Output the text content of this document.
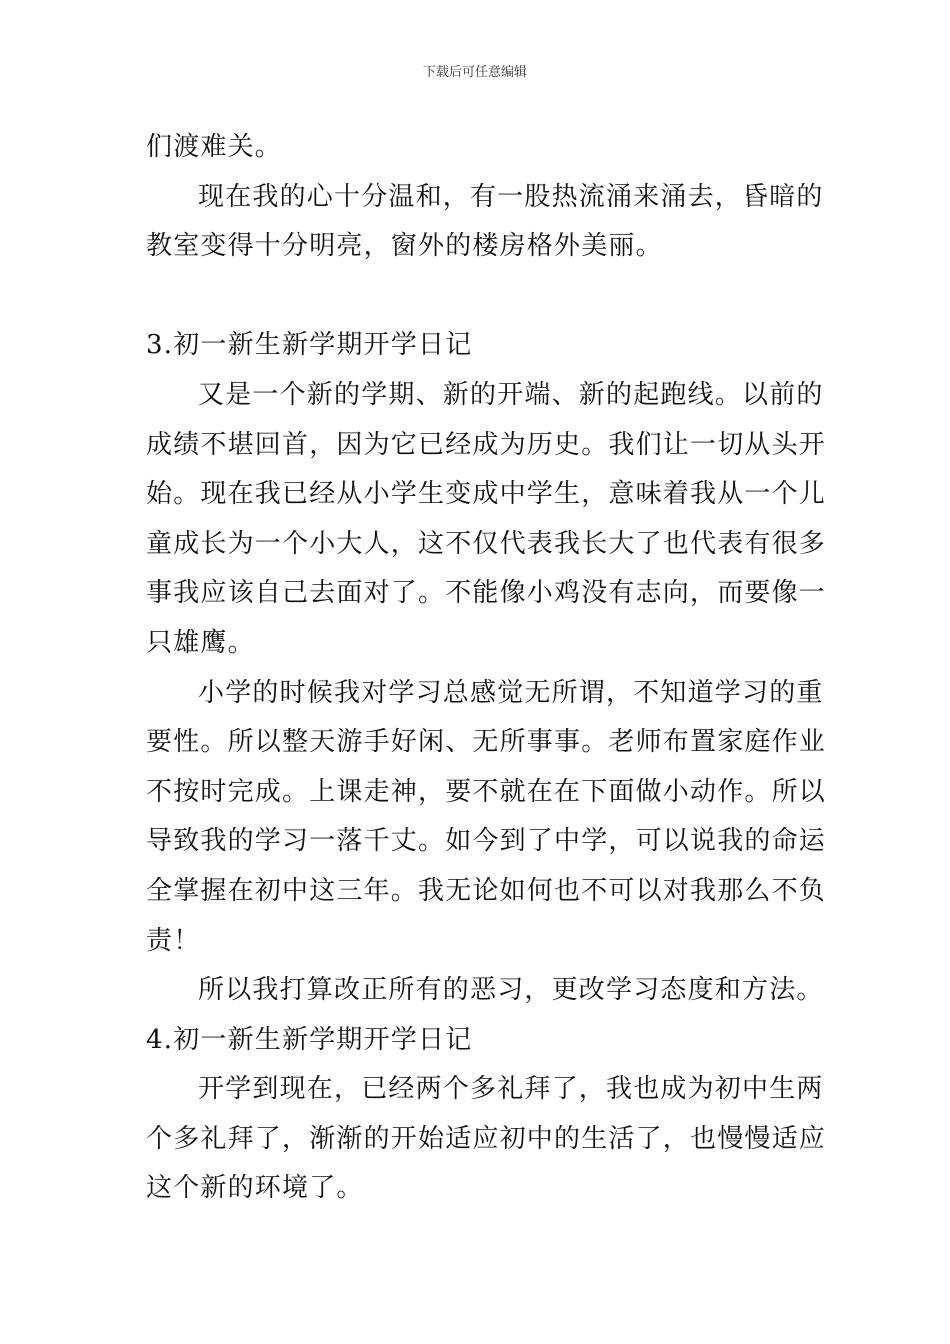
下载后可任意编辑
们渡难关。
现在我的心十分温和，有一股热流涌来涌去，昏暗的
教室变得十分明亮，窗外的楼房格外美丽。
3.初一新生新学期开学日记
又是一个新的学期、新的开端、新的起跑线。以前的
成绩不堪回首，因为它已经成为历史。我们让一切从头开
始。现在我已经从小学生变成中学生，意味着我从一个儿
童成长为一个小大人，这不仅代表我长大了也代表有很多
事我应该自己去面对了。不能像小鸡没有志向，而要像一
只雄鹰。
小学的时候我对学习总感觉无所谓，不知道学习的重
要性。所以整天游手好闲、无所事事。老师布置家庭作业
不按时完成。上课走神，要不就在在下面做小动作。所以
导致我的学习一落千丈。如今到了中学，可以说我的命运
全掌握在初中这三年。我无论如何也不可以对我那么不负
责！
所以我打算改正所有的恶习，更改学习态度和方法。
4.初一新生新学期开学日记
开学到现在，已经两个多礼拜了，我也成为初中生两
个多礼拜了，渐渐的开始适应初中的生活了，也慢慢适应
这个新的环境了。
